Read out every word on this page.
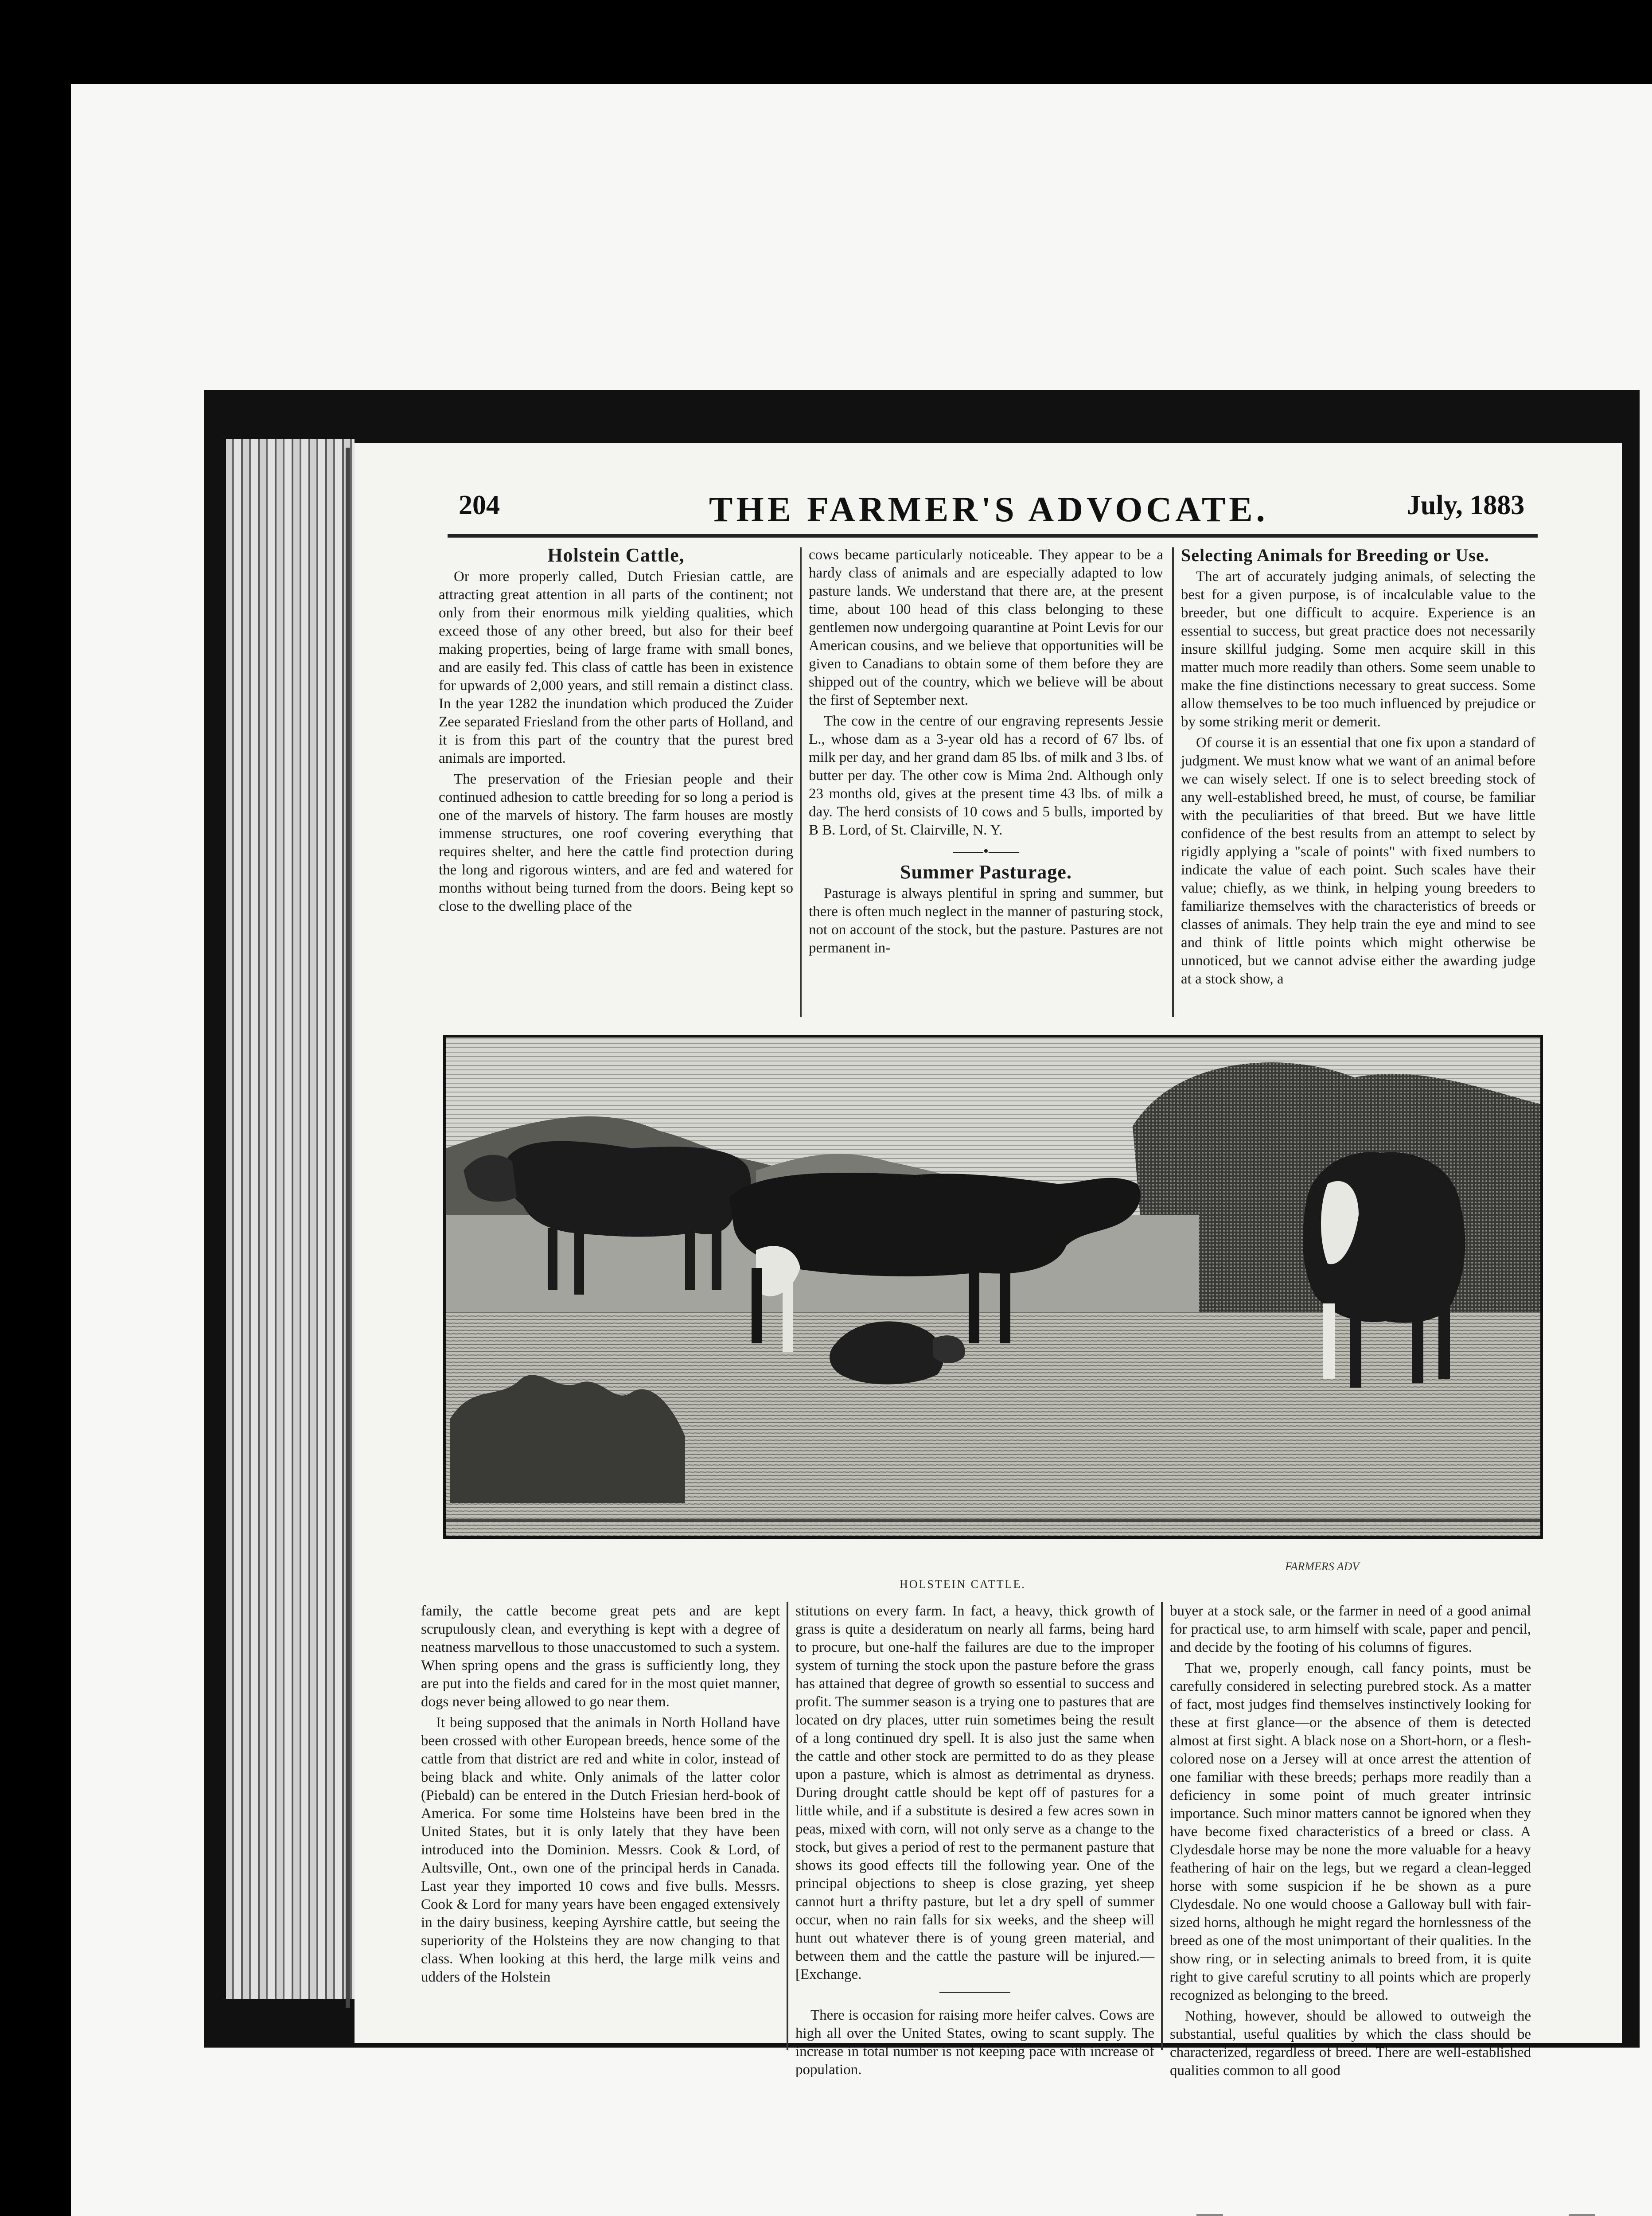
204	THE FARMER'S ADVOCATE.	July, 1883
Holstein Cattle,

Or more properly called, Dutch Friesian cattle, are attracting great attention in all parts of the continent; not only from their enormous milk yielding qualities, which exceed those of any other breed, but also for their beef making properties, being of large frame with small bones, and are easily fed. This class of cattle has been in existence for upwards of 2,000 years, and still remain a distinct class. In the year 1282 the inundation which produced the Zuider Zee separated Friesland from the other parts of Holland, and it is from this part of the country that the purest bred animals are imported.

The preservation of the Friesian people and their continued adhesion to cattle breeding for so long a period is one of the marvels of history. The farm houses are mostly immense structures, one roof covering everything that requires shelter, and here the cattle find protection during the long and rigorous winters, and are fed and watered for months without being turned from the doors. Being kept so close to the dwelling place of the

cows became particularly noticeable. They appear to be a hardy class of animals and are especially adapted to low pasture lands. We understand that there are, at the present time, about 100 head of this class belonging to these gentlemen now undergoing quarantine at Point Levis for our American cousins, and we believe that opportunities will be given to Canadians to obtain some of them before they are shipped out of the country, which we believe will be about the first of September next.

The cow in the centre of our engraving represents Jessie L., whose dam as a 3-year old has a record of 67 lbs. of milk per day, and her grand dam 85 lbs. of milk and 3 lbs. of butter per day. The other cow is Mima 2nd. Although only 23 months old, gives at the present time 43 lbs. of milk a day. The herd consists of 10 cows and 5 bulls, imported by B B. Lord, of St. Clairville, N. Y.

——•——
Summer Pasturage.

Pasturage is always plentiful in spring and summer, but there is often much neglect in the manner of pasturing stock, not on account of the stock, but the pasture. Pastures are not permanent in-

Selecting Animals for Breeding or Use.

The art of accurately judging animals, of selecting the best for a given purpose, is of incalculable value to the breeder, but one difficult to acquire. Experience is an essential to success, but great practice does not necessarily insure skillful judging. Some men acquire skill in this matter much more readily than others. Some seem unable to make the fine distinctions necessary to great success. Some allow themselves to be too much influenced by prejudice or by some striking merit or demerit.

Of course it is an essential that one fix upon a standard of judgment. We must know what we want of an animal before we can wisely select. If one is to select breeding stock of any well-established breed, he must, of course, be familiar with the peculiarities of that breed. But we have little confidence of the best results from an attempt to select by rigidly applying a "scale of points" with fixed numbers to indicate the value of each point. Such scales have their value; chiefly, as we think, in helping young breeders to familiarize themselves with the characteristics of breeds or classes of animals. They help train the eye and mind to see and think of little points which might otherwise be unnoticed, but we cannot advise either the awarding judge at a stock show, a

FARMERS ADV
HOLSTEIN CATTLE.

family, the cattle become great pets and are kept scrupulously clean, and everything is kept with a degree of neatness marvellous to those unaccustomed to such a system. When spring opens and the grass is sufficiently long, they are put into the fields and cared for in the most quiet manner, dogs never being allowed to go near them.

It being supposed that the animals in North Holland have been crossed with other European breeds, hence some of the cattle from that district are red and white in color, instead of being black and white. Only animals of the latter color (Piebald) can be entered in the Dutch Friesian herd-book of America. For some time Holsteins have been bred in the United States, but it is only lately that they have been introduced into the Dominion. Messrs. Cook & Lord, of Aultsville, Ont., own one of the principal herds in Canada. Last year they imported 10 cows and five bulls. Messrs. Cook & Lord for many years have been engaged extensively in the dairy business, keeping Ayrshire cattle, but seeing the superiority of the Holsteins they are now changing to that class. When looking at this herd, the large milk veins and udders of the Holstein

stitutions on every farm. In fact, a heavy, thick growth of grass is quite a desideratum on nearly all farms, being hard to procure, but one-half the failures are due to the improper system of turning the stock upon the pasture before the grass has attained that degree of growth so essential to success and profit. The summer season is a trying one to pastures that are located on dry places, utter ruin sometimes being the result of a long continued dry spell. It is also just the same when the cattle and other stock are permitted to do as they please upon a pasture, which is almost as detrimental as dryness. During drought cattle should be kept off of pastures for a little while, and if a substitute is desired a few acres sown in peas, mixed with corn, will not only serve as a change to the stock, but gives a period of rest to the permanent pasture that shows its good effects till the following year. One of the principal objections to sheep is close grazing, yet sheep cannot hurt a thrifty pasture, but let a dry spell of summer occur, when no rain falls for six weeks, and the sheep will hunt out whatever there is of young green material, and between them and the cattle the pasture will be injured.—[Exchange.

There is occasion for raising more heifer calves. Cows are high all over the United States, owing to scant supply. The increase in total number is not keeping pace with increase of population.

buyer at a stock sale, or the farmer in need of a good animal for practical use, to arm himself with scale, paper and pencil, and decide by the footing of his columns of figures.

That we, properly enough, call fancy points, must be carefully considered in selecting purebred stock. As a matter of fact, most judges find themselves instinctively looking for these at first glance—or the absence of them is detected almost at first sight. A black nose on a Short-horn, or a flesh-colored nose on a Jersey will at once arrest the attention of one familiar with these breeds; perhaps more readily than a deficiency in some point of much greater intrinsic importance. Such minor matters cannot be ignored when they have become fixed characteristics of a breed or class. A Clydesdale horse may be none the more valuable for a heavy feathering of hair on the legs, but we regard a clean-legged horse with some suspicion if he be shown as a pure Clydesdale. No one would choose a Galloway bull with fair-sized horns, although he might regard the hornlessness of the breed as one of the most unimportant of their qualities. In the show ring, or in selecting animals to breed from, it is quite right to give careful scrutiny to all points which are properly recognized as belonging to the breed.

Nothing, however, should be allowed to outweigh the substantial, useful qualities by which the class should be characterized, regardless of breed. There are well-established qualities common to all good
